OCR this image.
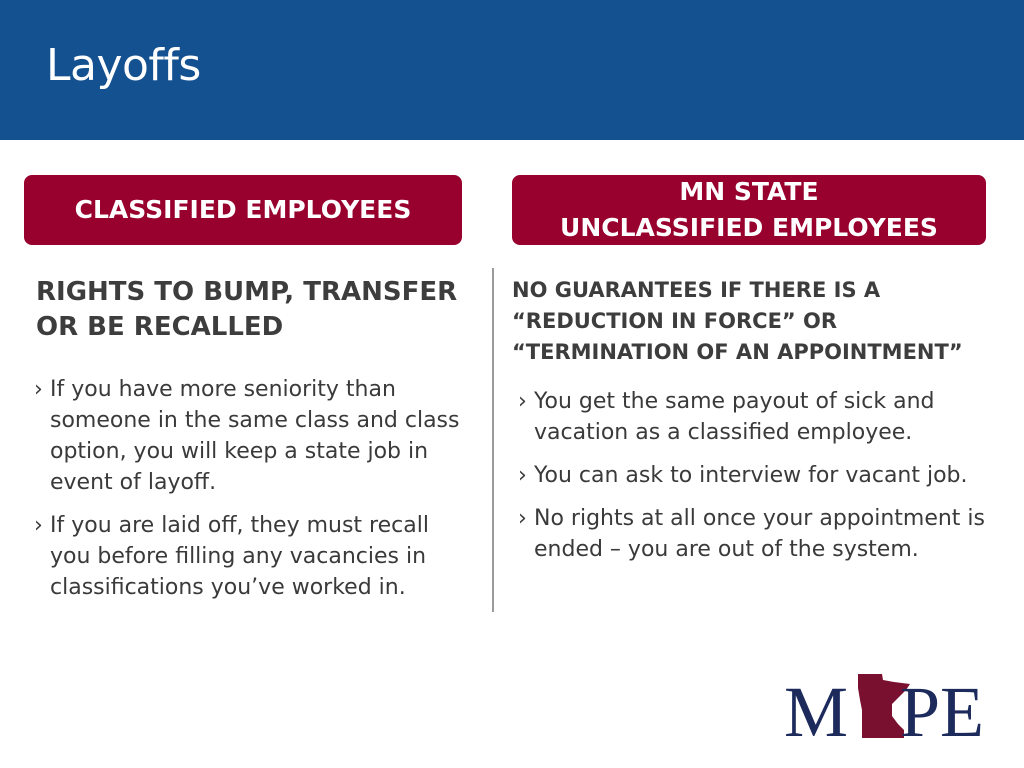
Layoffs
CLASSIFIED EMPLOYEES
RIGHTS TO BUMP, TRANSFER
OR BE RECALLED
› If you have more seniority than someone in the same class and class option, you will keep a state job in event of layoff.
› If you are laid off, they must recall you before filling any vacancies in classifications you’ve worked in.
MN STATE
UNCLASSIFIED EMPLOYEES
NO GUARANTEES IF THERE IS A
“REDUCTION IN FORCE” OR
“TERMINATION OF AN APPOINTMENT”
› You get the same payout of sick and vacation as a classified employee.
› You can ask to interview for vacant job.
› No rights at all once your appointment is ended – you are out of the system.
M PE
